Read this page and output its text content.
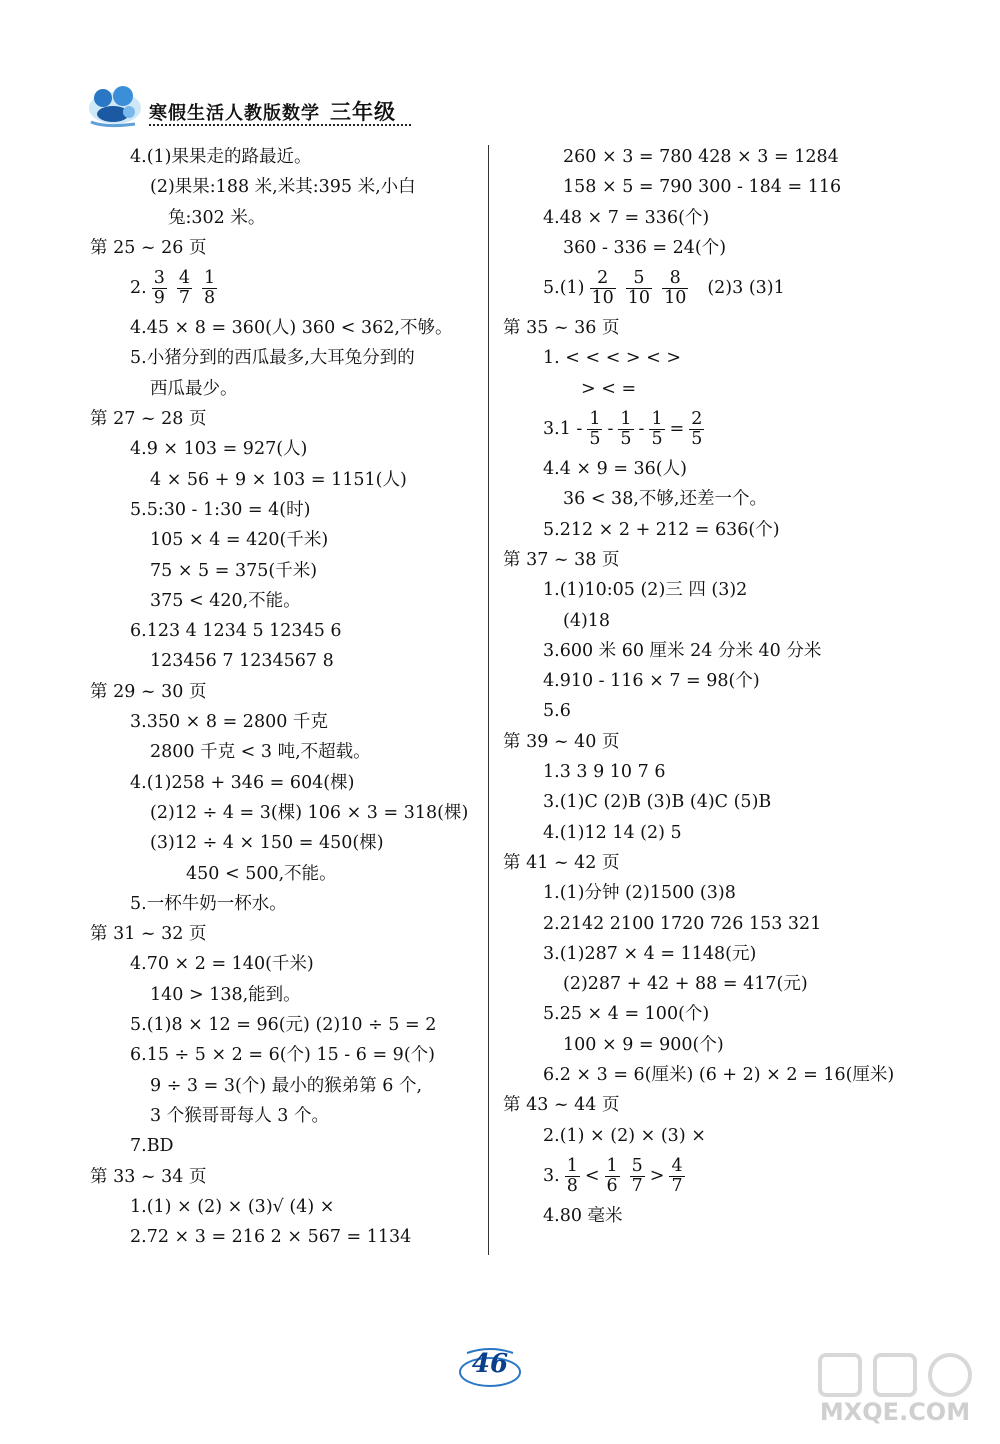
寒假生活人教版数学 三年级
4.(1)果果走的路最近。
(2)果果:188 米,米其:395 米,小白
兔:302 米。
第 25 ~ 26 页
2. $\frac{3}{9} \frac{4}{7} \frac{1}{8}$
4.45 × 8 = 360(人) 360 < 362,不够。
5.小猪分到的西瓜最多,大耳兔分到的
西瓜最少。
第 27 ~ 28 页
4.9 × 103 = 927(人)
4 × 56 + 9 × 103 = 1151(人)
5.5:30 - 1:30 = 4(时)
105 × 4 = 420(千米)
75 × 5 = 375(千米)
375 < 420,不能。
6.123 4 1234 5 12345 6
123456 7 1234567 8
第 29 ~ 30 页
3.350 × 8 = 2800 千克
2800 千克 < 3 吨,不超载。
4.(1)258 + 346 = 604(棵)
(2)12 ÷ 4 = 3(棵) 106 × 3 = 318(棵)
(3)12 ÷ 4 × 150 = 450(棵)
450 < 500,不能。
5.一杯牛奶一杯水。
第 31 ~ 32 页
4.70 × 2 = 140(千米)
140 > 138,能到。
5.(1)8 × 12 = 96(元) (2)10 ÷ 5 = 2
6.15 ÷ 5 × 2 = 6(个) 15 - 6 = 9(个)
9 ÷ 3 = 3(个) 最小的猴弟第 6 个,
3 个猴哥哥每人 3 个。
7.BD
第 33 ~ 34 页
1.(1) × (2) × (3)√ (4) ×
2.72 × 3 = 216 2 × 567 = 1134
260 × 3 = 780 428 × 3 = 1284
158 × 5 = 790 300 - 184 = 116
4.48 × 7 = 336(个)
360 - 336 = 24(个)
$5.(1) \frac{2}{10} \frac{5}{10} \frac{8}{10} (2)3$ (3)1
第 35 ~ 36 页
1. < < < > < >
> < =
$3.1 - \frac{1}{5} - \frac{1}{5} - \frac{1}{5} = \frac{2}{5}$
4.4 × 9 = 36(人)
36 < 38,不够,还差一个。
5.212 × 2 + 212 = 636(个)
第 37 ~ 38 页
1.(1)10:05 (2)三 四 (3)2
(4)18
3.600 米 60 厘米 24 分米 40 分米
4.910 - 116 × 7 = 98(个)
5.6
第 39 ~ 40 页
1.3 3 9 10 7 6
3.(1)C (2)B (3)B (4)C (5)B
4.(1)12 14 (2) 5
第 41 ~ 42 页
1.(1)分钟 (2)1500 (3)8
2.2142 2100 1720 726 153 321
3.(1)287 × 4 = 1148(元)
(2)287 + 42 + 88 = 417(元)
5.25 × 4 = 100(个)
100 × 9 = 900(个)
6.2 × 3 = 6(厘米) (6 + 2) × 2 = 16(厘米)
第 43 ~ 44 页
2.(1) × (2) × (3) ×
3. $\frac{1}{8} < \frac{1}{6} \frac{5}{7} > \frac{4}{7}$
4.80 毫米
46
MXQE.COM
